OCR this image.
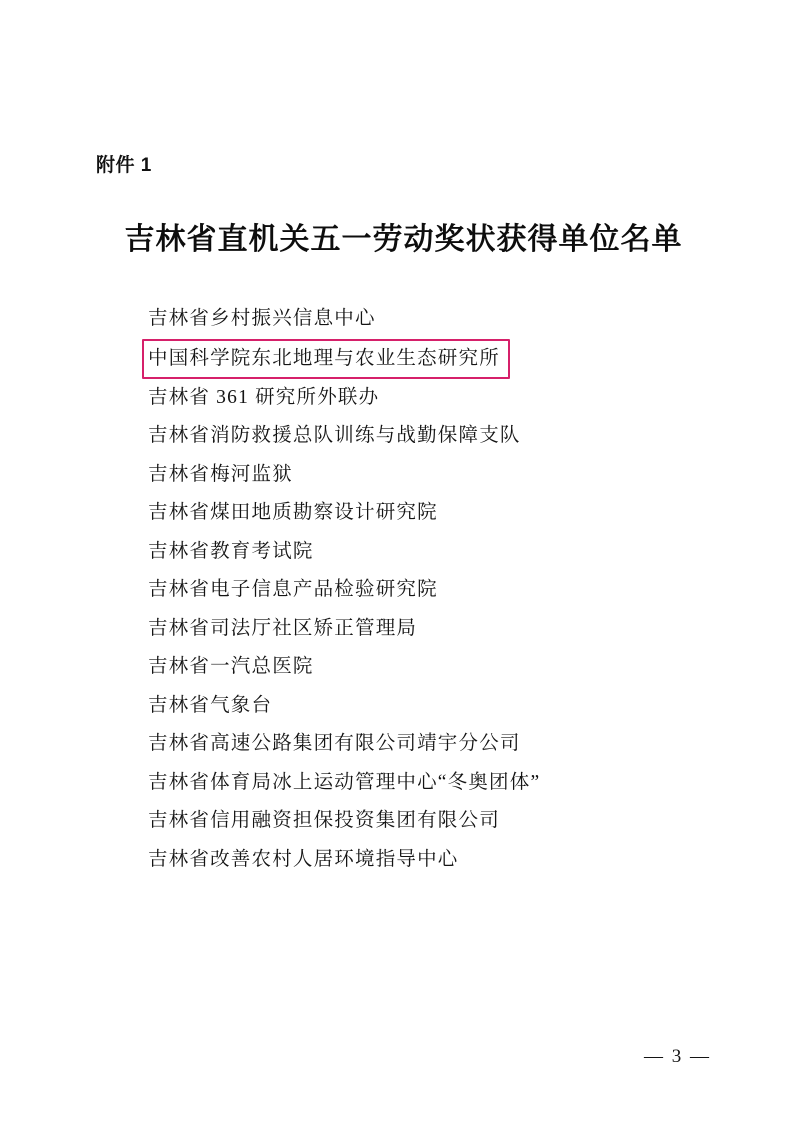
附件 1
吉林省直机关五一劳动奖状获得单位名单
吉林省乡村振兴信息中心
中国科学院东北地理与农业生态研究所
吉林省 361 研究所外联办
吉林省消防救援总队训练与战勤保障支队
吉林省梅河监狱
吉林省煤田地质勘察设计研究院
吉林省教育考试院
吉林省电子信息产品检验研究院
吉林省司法厅社区矫正管理局
吉林省一汽总医院
吉林省气象台
吉林省高速公路集团有限公司靖宇分公司
吉林省体育局冰上运动管理中心“冬奥团体”
吉林省信用融资担保投资集团有限公司
吉林省改善农村人居环境指导中心
— 3 —
